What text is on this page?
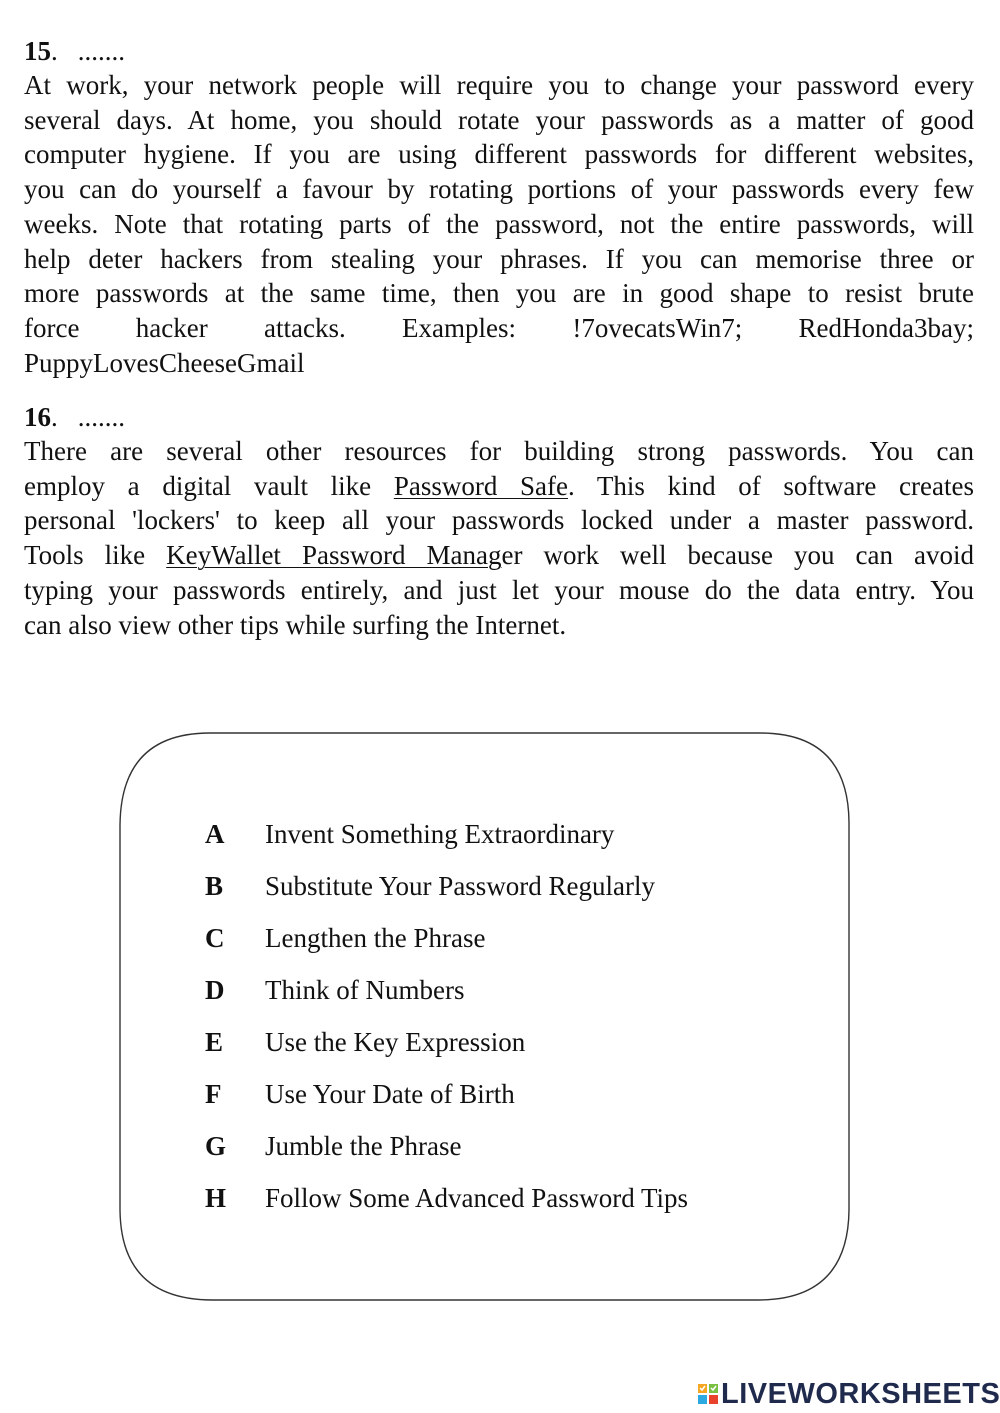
15. .......

At work, your network people will require you to change your password every
several days. At home, you should rotate your passwords as a matter of good
computer hygiene. If you are using different passwords for different websites,
you can do yourself a favour by rotating portions of your passwords every few
weeks. Note that rotating parts of the password, not the entire passwords, will
help deter hackers from stealing your phrases. If you can memorise three or
more passwords at the same time, then you are in good shape to resist brute
force hacker attacks. Examples: !7ovecatsWin7; RedHonda3bay;
PuppyLovesCheeseGmail

16. .......

There are several other resources for building strong passwords. You can
employ a digital vault like Password Safe. This kind of software creates
personal 'lockers' to keep all your passwords locked under a master password.
Tools like KeyWallet Password Manager work well because you can avoid
typing your passwords entirely, and just let your mouse do the data entry. You
can also view other tips while surfing the Internet.

A Invent Something Extraordinary
B Substitute Your Password Regularly
C Lengthen the Phrase
D Think of Numbers
E Use the Key Expression
F Use Your Date of Birth
G Jumble the Phrase
H Follow Some Advanced Password Tips
LIVEWORKSHEETS
